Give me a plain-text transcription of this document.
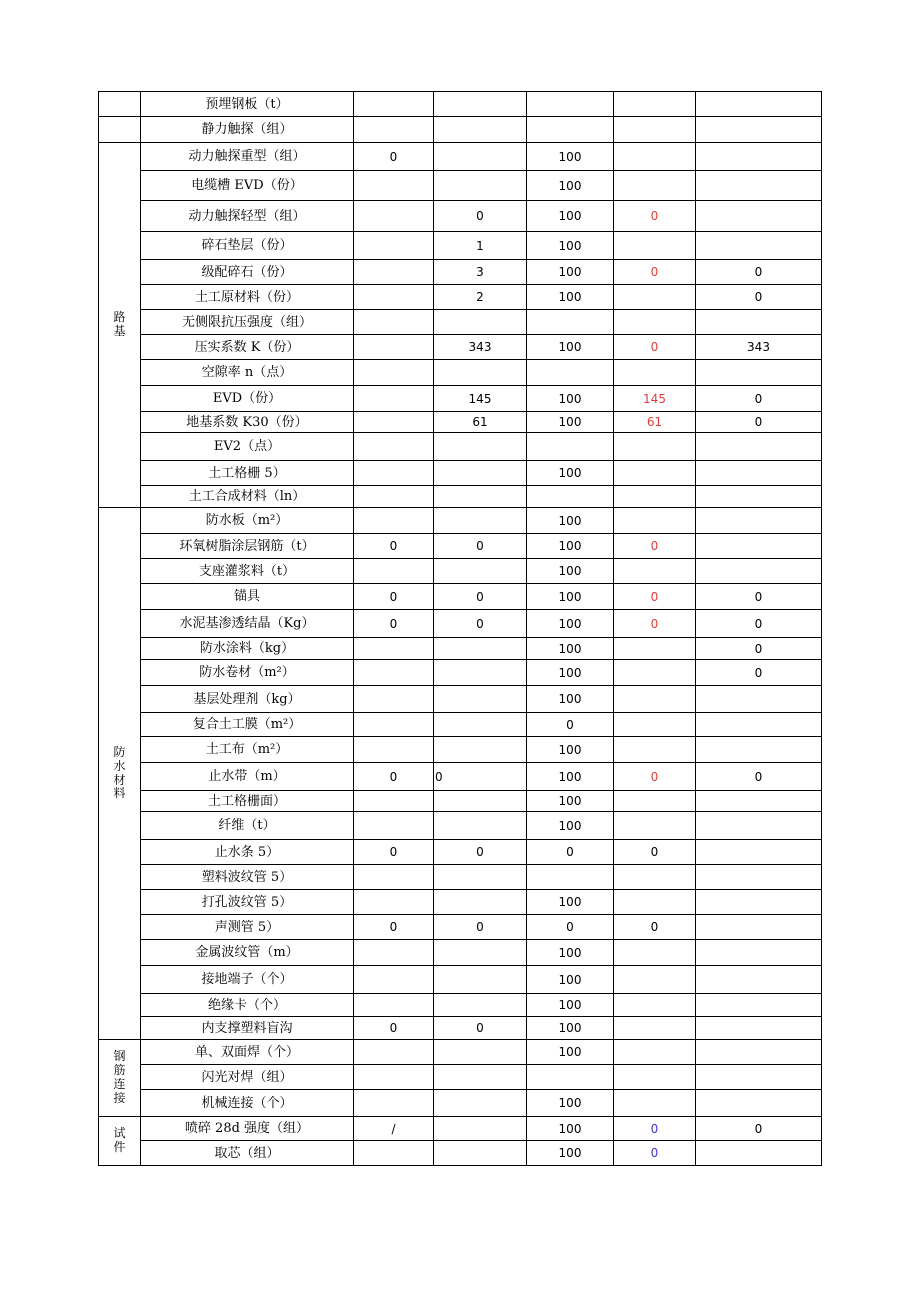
	预埋钢板（t）					
	静力触探（组）					
路基	动力触探重型（组）	0		100		
	电缆槽 EVD（份）			100		
	动力触探轻型（组）		0	100	0	
	碎石垫层（份）		1	100		
	级配碎石（份）		3	100	0	0
	土工原材料（份）		2	100		0
	无侧限抗压强度（组）					
	压实系数 K（份）		343	100	0	343
	空隙率 n（点）					
	EVD（份）		145	100	145	0
	地基系数 K30（份）		61	100	61	0
	EV2（点）					
	土工格栅 5）			100		
	土工合成材料（ln）					
防水材料	防水板（m²）			100		
	环氧树脂涂层钢筋（t）	0	0	100	0	
	支座灌浆料（t）			100		
	锚具	0	0	100	0	0
	水泥基渗透结晶（Kg）	0	0	100	0	0
	防水涂料（kg）			100		0
	防水卷材（m²）			100		0
	基层处理剂（kg）			100		
	复合土工膜（m²）			0		
	土工布（m²）			100		
	止水带（m）	0	0	100	0	0
	土工格栅面）			100		
	纤维（t）			100		
	止水条 5）	0	0	0	0	
	塑料波纹管 5）					
	打孔波纹管 5）			100		
	声测管 5）	0	0	0	0	
	金属波纹管（m）			100		
	接地端子（个）			100		
	绝缘卡（个）			100		
	内支撑塑料盲沟	0	0	100		
钢筋连接	单、双面焊（个）			100		
	闪光对焊（组）					
	机械连接（个）			100		
试件	喷碎 28d 强度（组）	/		100	0	0
	取芯（组）			100	0	
